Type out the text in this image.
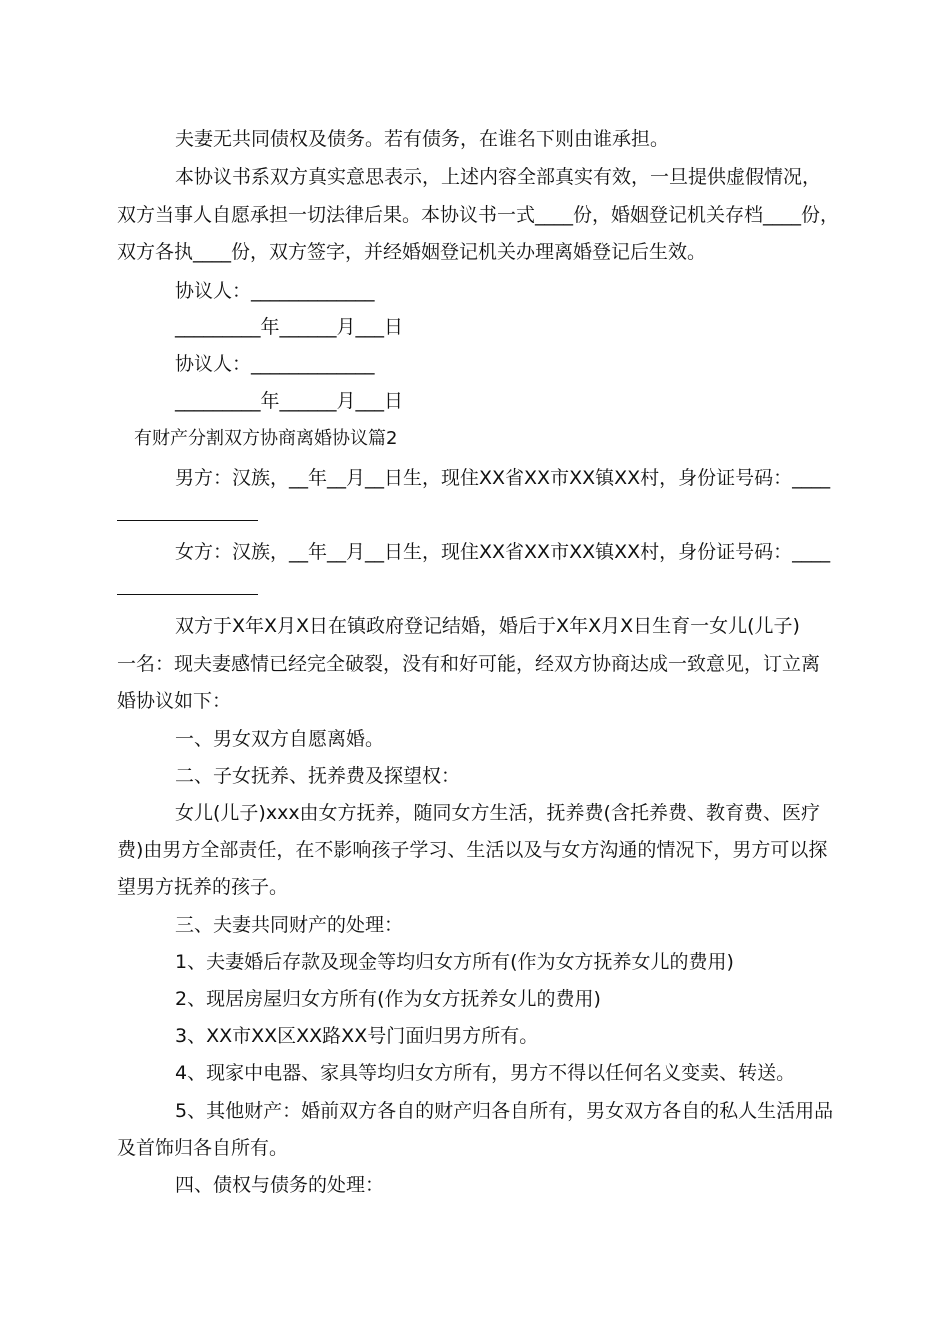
夫妻无共同债权及债务。若有债务，在谁名下则由谁承担。
本协议书系双方真实意思表示，上述内容全部真实有效，一旦提供虚假情况，
双方当事人自愿承担一切法律后果。本协议书一式____份，婚姻登记机关存档____份，
双方各执____份，双方签字，并经婚姻登记机关办理离婚登记后生效。
协议人：_____________
_________年______月___日
协议人：_____________
_________年______月___日
有财产分割双方协商离婚协议篇2
男方：汉族，__年__月__日生，现住XX省XX市XX镇XX村，身份证号码：____
女方：汉族，__年__月__日生，现住XX省XX市XX镇XX村，身份证号码：____
双方于X年X月X日在镇政府登记结婚，婚后于X年X月X日生育一女儿(儿子)
一名：现夫妻感情已经完全破裂，没有和好可能，经双方协商达成一致意见，订立离
婚协议如下：
一、男女双方自愿离婚。
二、子女抚养、抚养费及探望权：
女儿(儿子)xxx由女方抚养，随同女方生活，抚养费(含托养费、教育费、医疗
费)由男方全部责任，在不影响孩子学习、生活以及与女方沟通的情况下，男方可以探
望男方抚养的孩子。
三、夫妻共同财产的处理：
1、夫妻婚后存款及现金等均归女方所有(作为女方抚养女儿的费用)
2、现居房屋归女方所有(作为女方抚养女儿的费用)
3、XX市XX区XX路XX号门面归男方所有。
4、现家中电器、家具等均归女方所有，男方不得以任何名义变卖、转送。
5、其他财产：婚前双方各自的财产归各自所有，男女双方各自的私人生活用品
及首饰归各自所有。
四、债权与债务的处理：
